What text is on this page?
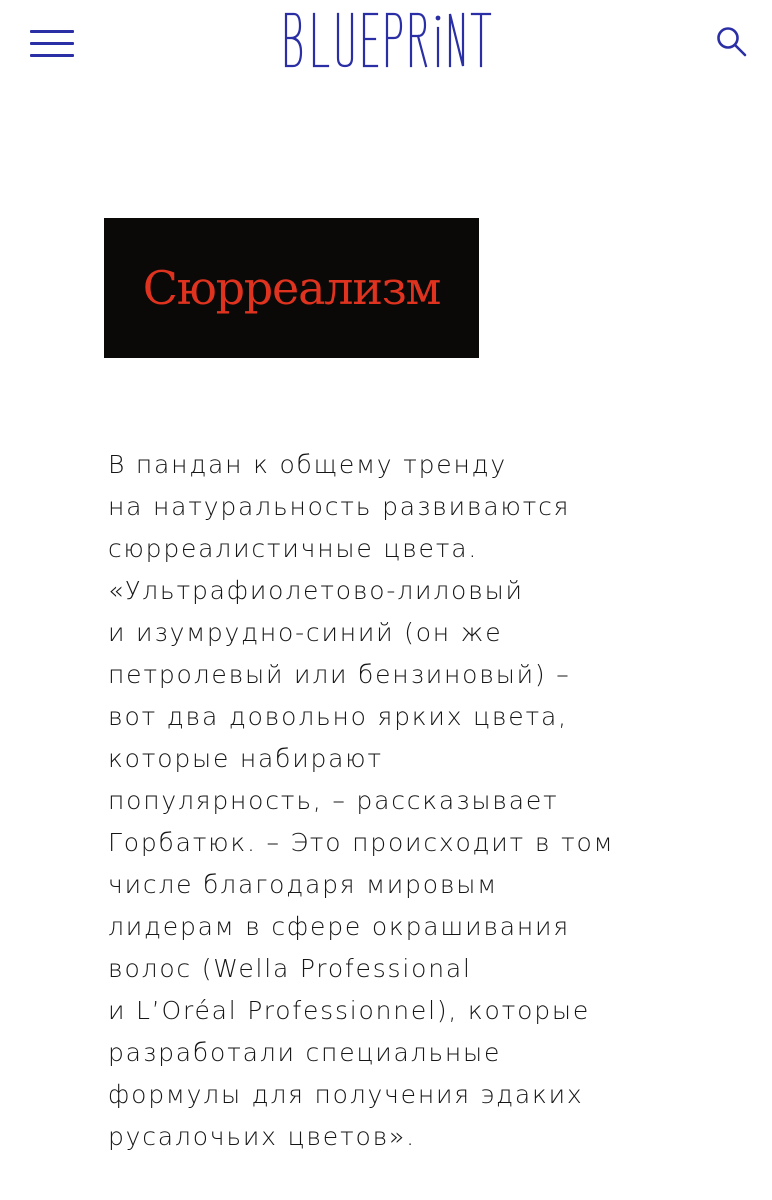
Сюрреализм
В пандан к общему тренду
на натуральность развиваются
сюрреалистичные цвета.
«Ультрафиолетово-лиловый
и изумрудно-синий (он же
петролевый или бензиновый) –
вот два довольно ярких цвета,
которые набирают
популярность, – рассказывает
Горбатюк. – Это происходит в том
числе благодаря мировым
лидерам в сфере окрашивания
волос (Wella Professional
и L’Oréal Professionnel), которые
разработали специальные
формулы для получения эдаких
русалочьих цветов».
